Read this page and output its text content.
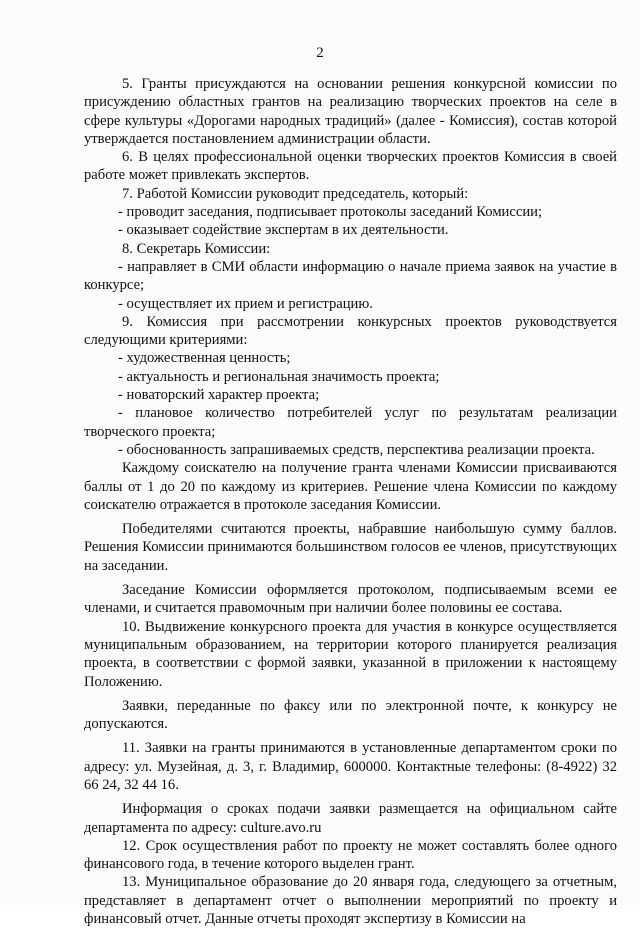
2

5. Гранты присуждаются на основании решения конкурсной комиссии по присуждению областных грантов на реализацию творческих проектов на селе в сфере культуры «Дорогами народных традиций» (далее - Комиссия), состав которой утверждается постановлением администрации области.

6. В целях профессиональной оценки творческих проектов Комиссия в своей работе может привлекать экспертов.

7. Работой Комиссии руководит председатель, который:

- проводит заседания, подписывает протоколы заседаний Комиссии;

- оказывает содействие экспертам в их деятельности.

8. Секретарь Комиссии:

- направляет в СМИ области информацию о начале приема заявок на участие в конкурсе;

- осуществляет их прием и регистрацию.

9. Комиссия при рассмотрении конкурсных проектов руководствуется следующими критериями:

- художественная ценность;

- актуальность и региональная значимость проекта;

- новаторский характер проекта;

- плановое количество потребителей услуг по результатам реализации творческого проекта;

- обоснованность запрашиваемых средств, перспектива реализации проекта.

Каждому соискателю на получение гранта членами Комиссии присваиваются баллы от 1 до 20 по каждому из критериев. Решение члена Комиссии по каждому соискателю отражается в протоколе заседания Комиссии.

Победителями считаются проекты, набравшие наибольшую сумму баллов. Решения Комиссии принимаются большинством голосов ее членов, присутствующих на заседании.

Заседание Комиссии оформляется протоколом, подписываемым всеми ее членами, и считается правомочным при наличии более половины ее состава.

10. Выдвижение конкурсного проекта для участия в конкурсе осуществляется муниципальным образованием, на территории которого планируется реализация проекта, в соответствии с формой заявки, указанной в приложении к настоящему Положению.

Заявки, переданные по факсу или по электронной почте, к конкурсу не допускаются.

11. Заявки на гранты принимаются в установленные департаментом сроки по адресу: ул. Музейная, д. 3, г. Владимир, 600000. Контактные телефоны: (8-4922) 32 66 24, 32 44 16.

Информация о сроках подачи заявки размещается на официальном сайте департамента по адресу: culture.avo.ru

12. Срок осуществления работ по проекту не может составлять более одного финансового года, в течение которого выделен грант.

13. Муниципальное образование до 20 января года, следующего за отчетным, представляет в департамент отчет о выполнении мероприятий по проекту и финансовый отчет. Данные отчеты проходят экспертизу в Комиссии на
